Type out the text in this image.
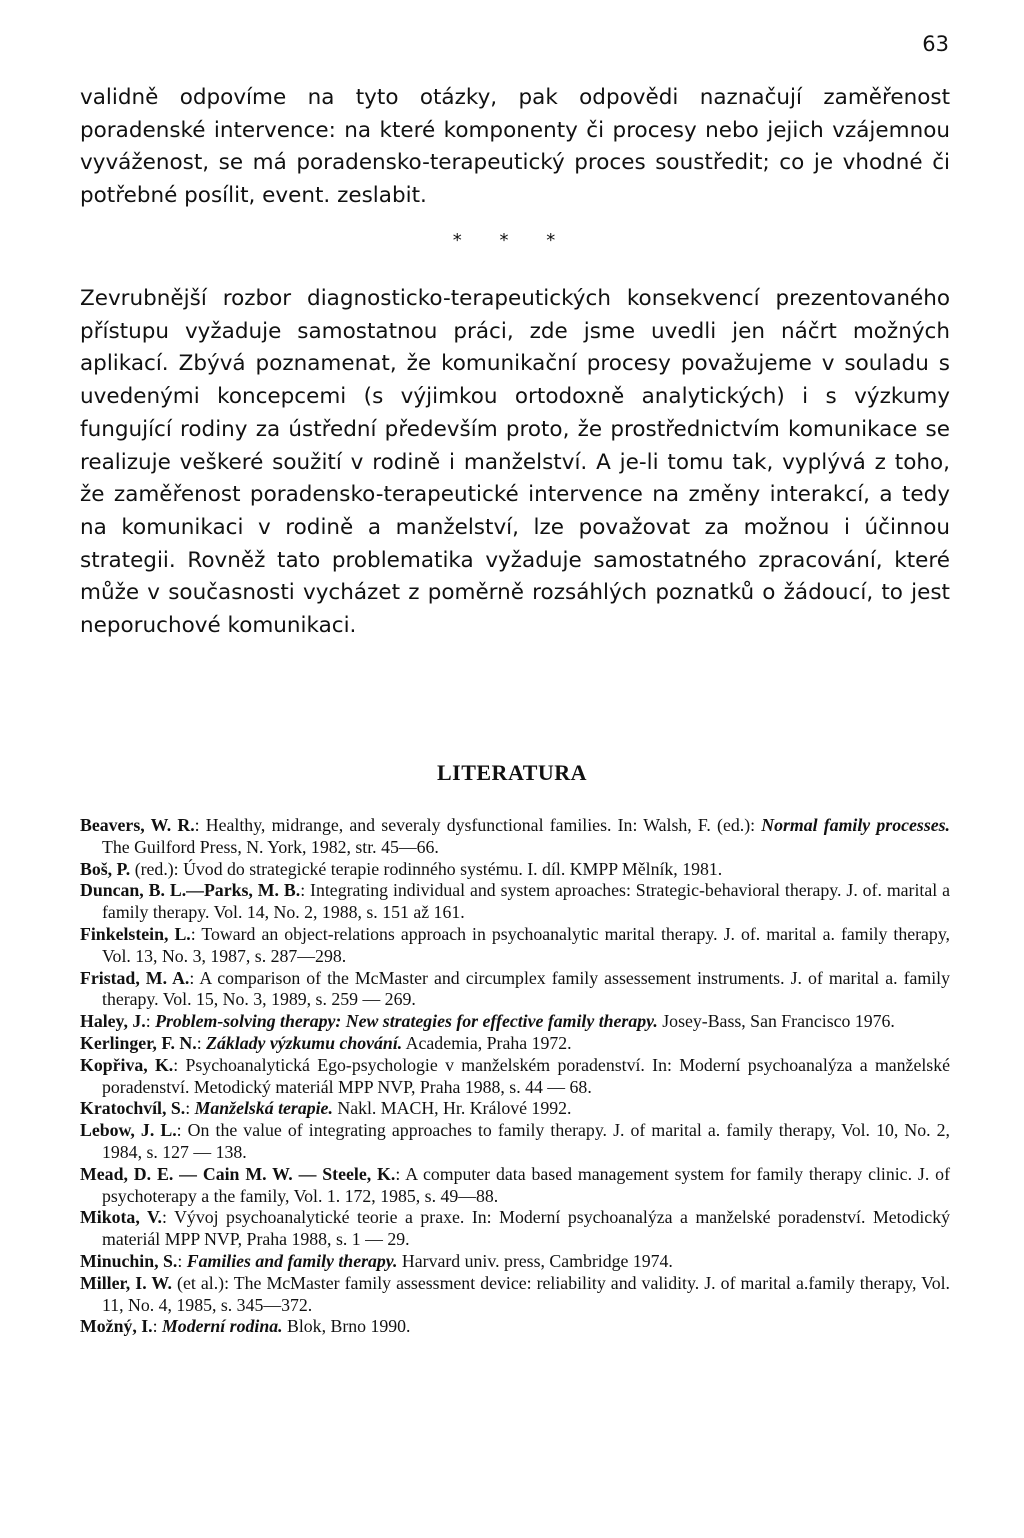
63

validně odpovíme na tyto otázky, pak odpovědi naznačují zaměřenost poradenské intervence: na které komponenty či procesy nebo jejich vzájemnou vyváženost, se má poradensko-terapeutický proces soustředit; co je vhodné či potřebné posílit, event. zeslabit.

* * *

Zevrubnější rozbor diagnosticko-terapeutických konsekvencí prezentovaného přístupu vyžaduje samostatnou práci, zde jsme uvedli jen náčrt možných aplikací. Zbývá poznamenat, že komunikační procesy považujeme v souladu s uvedenými koncepcemi (s výjimkou ortodoxně analytických) i s výzkumy fungující rodiny za ústřední především proto, že prostřednictvím komunikace se realizuje veškeré soužití v rodině i manželství. A je-li tomu tak, vyplývá z toho, že zaměřenost poradensko-terapeutické intervence na změny interakcí, a tedy na komunikaci v rodině a manželství, lze považovat za možnou i účinnou strategii. Rovněž tato problematika vyžaduje samostatného zpracování, které může v současnosti vycházet z poměrně rozsáhlých poznatků o žádoucí, to jest neporuchové komunikaci.

LITERATURA
Beavers, W. R.: Healthy, midrange, and severaly dysfunctional families. In: Walsh, F. (ed.): Normal family processes. The Guilford Press, N. York, 1982, str. 45—66.
Boš, P. (red.): Úvod do strategické terapie rodinného systému. I. díl. KMPP Mělník, 1981.
Duncan, B. L.—Parks, M. B.: Integrating individual and system aproaches: Strategic-behavioral therapy. J. of. marital a family therapy. Vol. 14, No. 2, 1988, s. 151 až 161.
Finkelstein, L.: Toward an object-relations approach in psychoanalytic marital therapy. J. of. marital a. family therapy, Vol. 13, No. 3, 1987, s. 287—298.
Fristad, M. A.: A comparison of the McMaster and circumplex family assessement instruments. J. of marital a. family therapy. Vol. 15, No. 3, 1989, s. 259 — 269.
Haley, J.: Problem-solving therapy: New strategies for effective family therapy. Josey-Bass, San Francisco 1976.
Kerlinger, F. N.: Základy výzkumu chování. Academia, Praha 1972.
Kopřiva, K.: Psychoanalytická Ego-psychologie v manželském poradenství. In: Moderní psychoanalýza a manželské poradenství. Metodický materiál MPP NVP, Praha 1988, s. 44 — 68.
Kratochvíl, S.: Manželská terapie. Nakl. MACH, Hr. Králové 1992.
Lebow, J. L.: On the value of integrating approaches to family therapy. J. of marital a. family therapy, Vol. 10, No. 2, 1984, s. 127 — 138.
Mead, D. E. — Cain M. W. — Steele, K.: A computer data based management system for family therapy clinic. J. of psychoterapy a the family, Vol. 1. 172, 1985, s. 49—88.
Mikota, V.: Vývoj psychoanalytické teorie a praxe. In: Moderní psychoanalýza a manželské poradenství. Metodický materiál MPP NVP, Praha 1988, s. 1 — 29.
Minuchin, S.: Families and family therapy. Harvard univ. press, Cambridge 1974.
Miller, I. W. (et al.): The McMaster family assessment device: reliability and validity. J. of marital a.family therapy, Vol. 11, No. 4, 1985, s. 345—372.
Možný, I.: Moderní rodina. Blok, Brno 1990.
